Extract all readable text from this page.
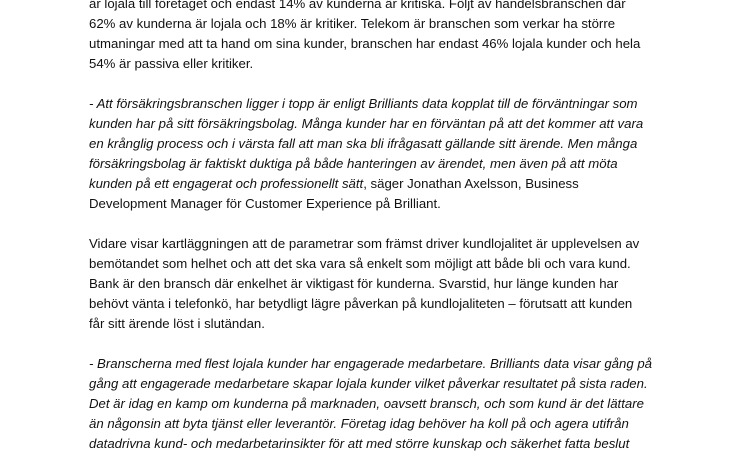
är lojala till företaget och endast 14% av kunderna är kritiska. Följt av handelsbranschen där
62% av kunderna är lojala och 18% är kritiker. Telekom är branschen som verkar ha större
utmaningar med att ta hand om sina kunder, branschen har endast 46% lojala kunder och hela
54% är passiva eller kritiker.

- Att försäkringsbranschen ligger i topp är enligt Brilliants data kopplat till de förväntningar som
kunden har på sitt försäkringsbolag. Många kunder har en förväntan på att det kommer att vara
en krånglig process och i värsta fall att man ska bli ifrågasatt gällande sitt ärende. Men många
försäkringsbolag är faktiskt duktiga på både hanteringen av ärendet, men även på att möta
kunden på ett engagerat och professionellt sätt, säger Jonathan Axelsson, Business
Development Manager för Customer Experience på Brilliant.

Vidare visar kartläggningen att de parametrar som främst driver kundlojalitet är upplevelsen av
bemötandet som helhet och att det ska vara så enkelt som möjligt att både bli och vara kund.
Bank är den bransch där enkelhet är viktigast för kunderna. Svarstid, hur länge kunden har
behövt vänta i telefonkö, har betydligt lägre påverkan på kundlojaliteten – förutsatt att kunden
får sitt ärende löst i slutändan.

- Branscherna med flest lojala kunder har engagerade medarbetare. Brilliants data visar gång på
gång att engagerade medarbetare skapar lojala kunder vilket påverkar resultatet på sista raden.
Det är idag en kamp om kunderna på marknaden, oavsett bransch, och som kund är det lättare
än någonsin att byta tjänst eller leverantör. Företag idag behöver ha koll på och agera utifrån
datadrivna kund- och medarbetarinsikter för att med större kunskap och säkerhet fatta beslut
